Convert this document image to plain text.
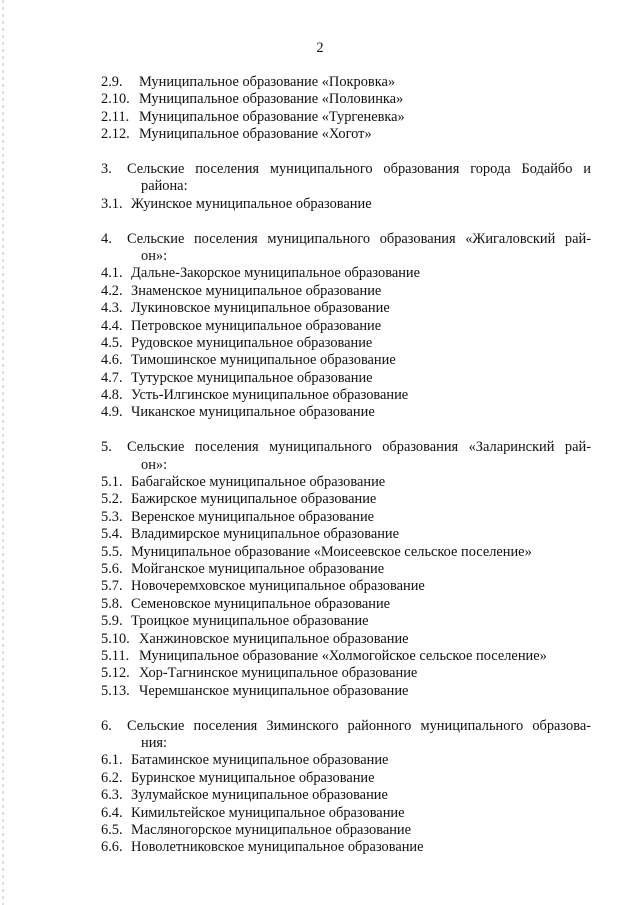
2
2.9. Муниципальное образование «Покровка»
2.10. Муниципальное образование «Половинка»
2.11. Муниципальное образование «Тургеневка»
2.12. Муниципальное образование «Хогот»
3. Сельские поселения муниципального образования города Бодайбо и
района:
3.1. Жуинское муниципальное образование
4. Сельские поселения муниципального образования «Жигаловский рай-
он»:
4.1. Дальне-Закорское муниципальное образование
4.2. Знаменское муниципальное образование
4.3. Лукиновское муниципальное образование
4.4. Петровское муниципальное образование
4.5. Рудовское муниципальное образование
4.6. Тимошинское муниципальное образование
4.7. Тутурское муниципальное образование
4.8. Усть-Илгинское муниципальное образование
4.9. Чиканское муниципальное образование
5. Сельские поселения муниципального образования «Заларинский рай-
он»:
5.1. Бабагайское муниципальное образование
5.2. Бажирское муниципальное образование
5.3. Веренское муниципальное образование
5.4. Владимирское муниципальное образование
5.5. Муниципальное образование «Моисеевское сельское поселение»
5.6. Мойганское муниципальное образование
5.7. Новочеремховское муниципальное образование
5.8. Семеновское муниципальное образование
5.9. Троицкое муниципальное образование
5.10. Ханжиновское муниципальное образование
5.11. Муниципальное образование «Холмогойское сельское поселение»
5.12. Хор-Тагнинское муниципальное образование
5.13. Черемшанское муниципальное образование
6. Сельские поселения Зиминского районного муниципального образова-
ния:
6.1. Батаминское муниципальное образование
6.2. Буринское муниципальное образование
6.3. Зулумайское муниципальное образование
6.4. Кимильтейское муниципальное образование
6.5. Масляногорское муниципальное образование
6.6. Новолетниковское муниципальное образование
